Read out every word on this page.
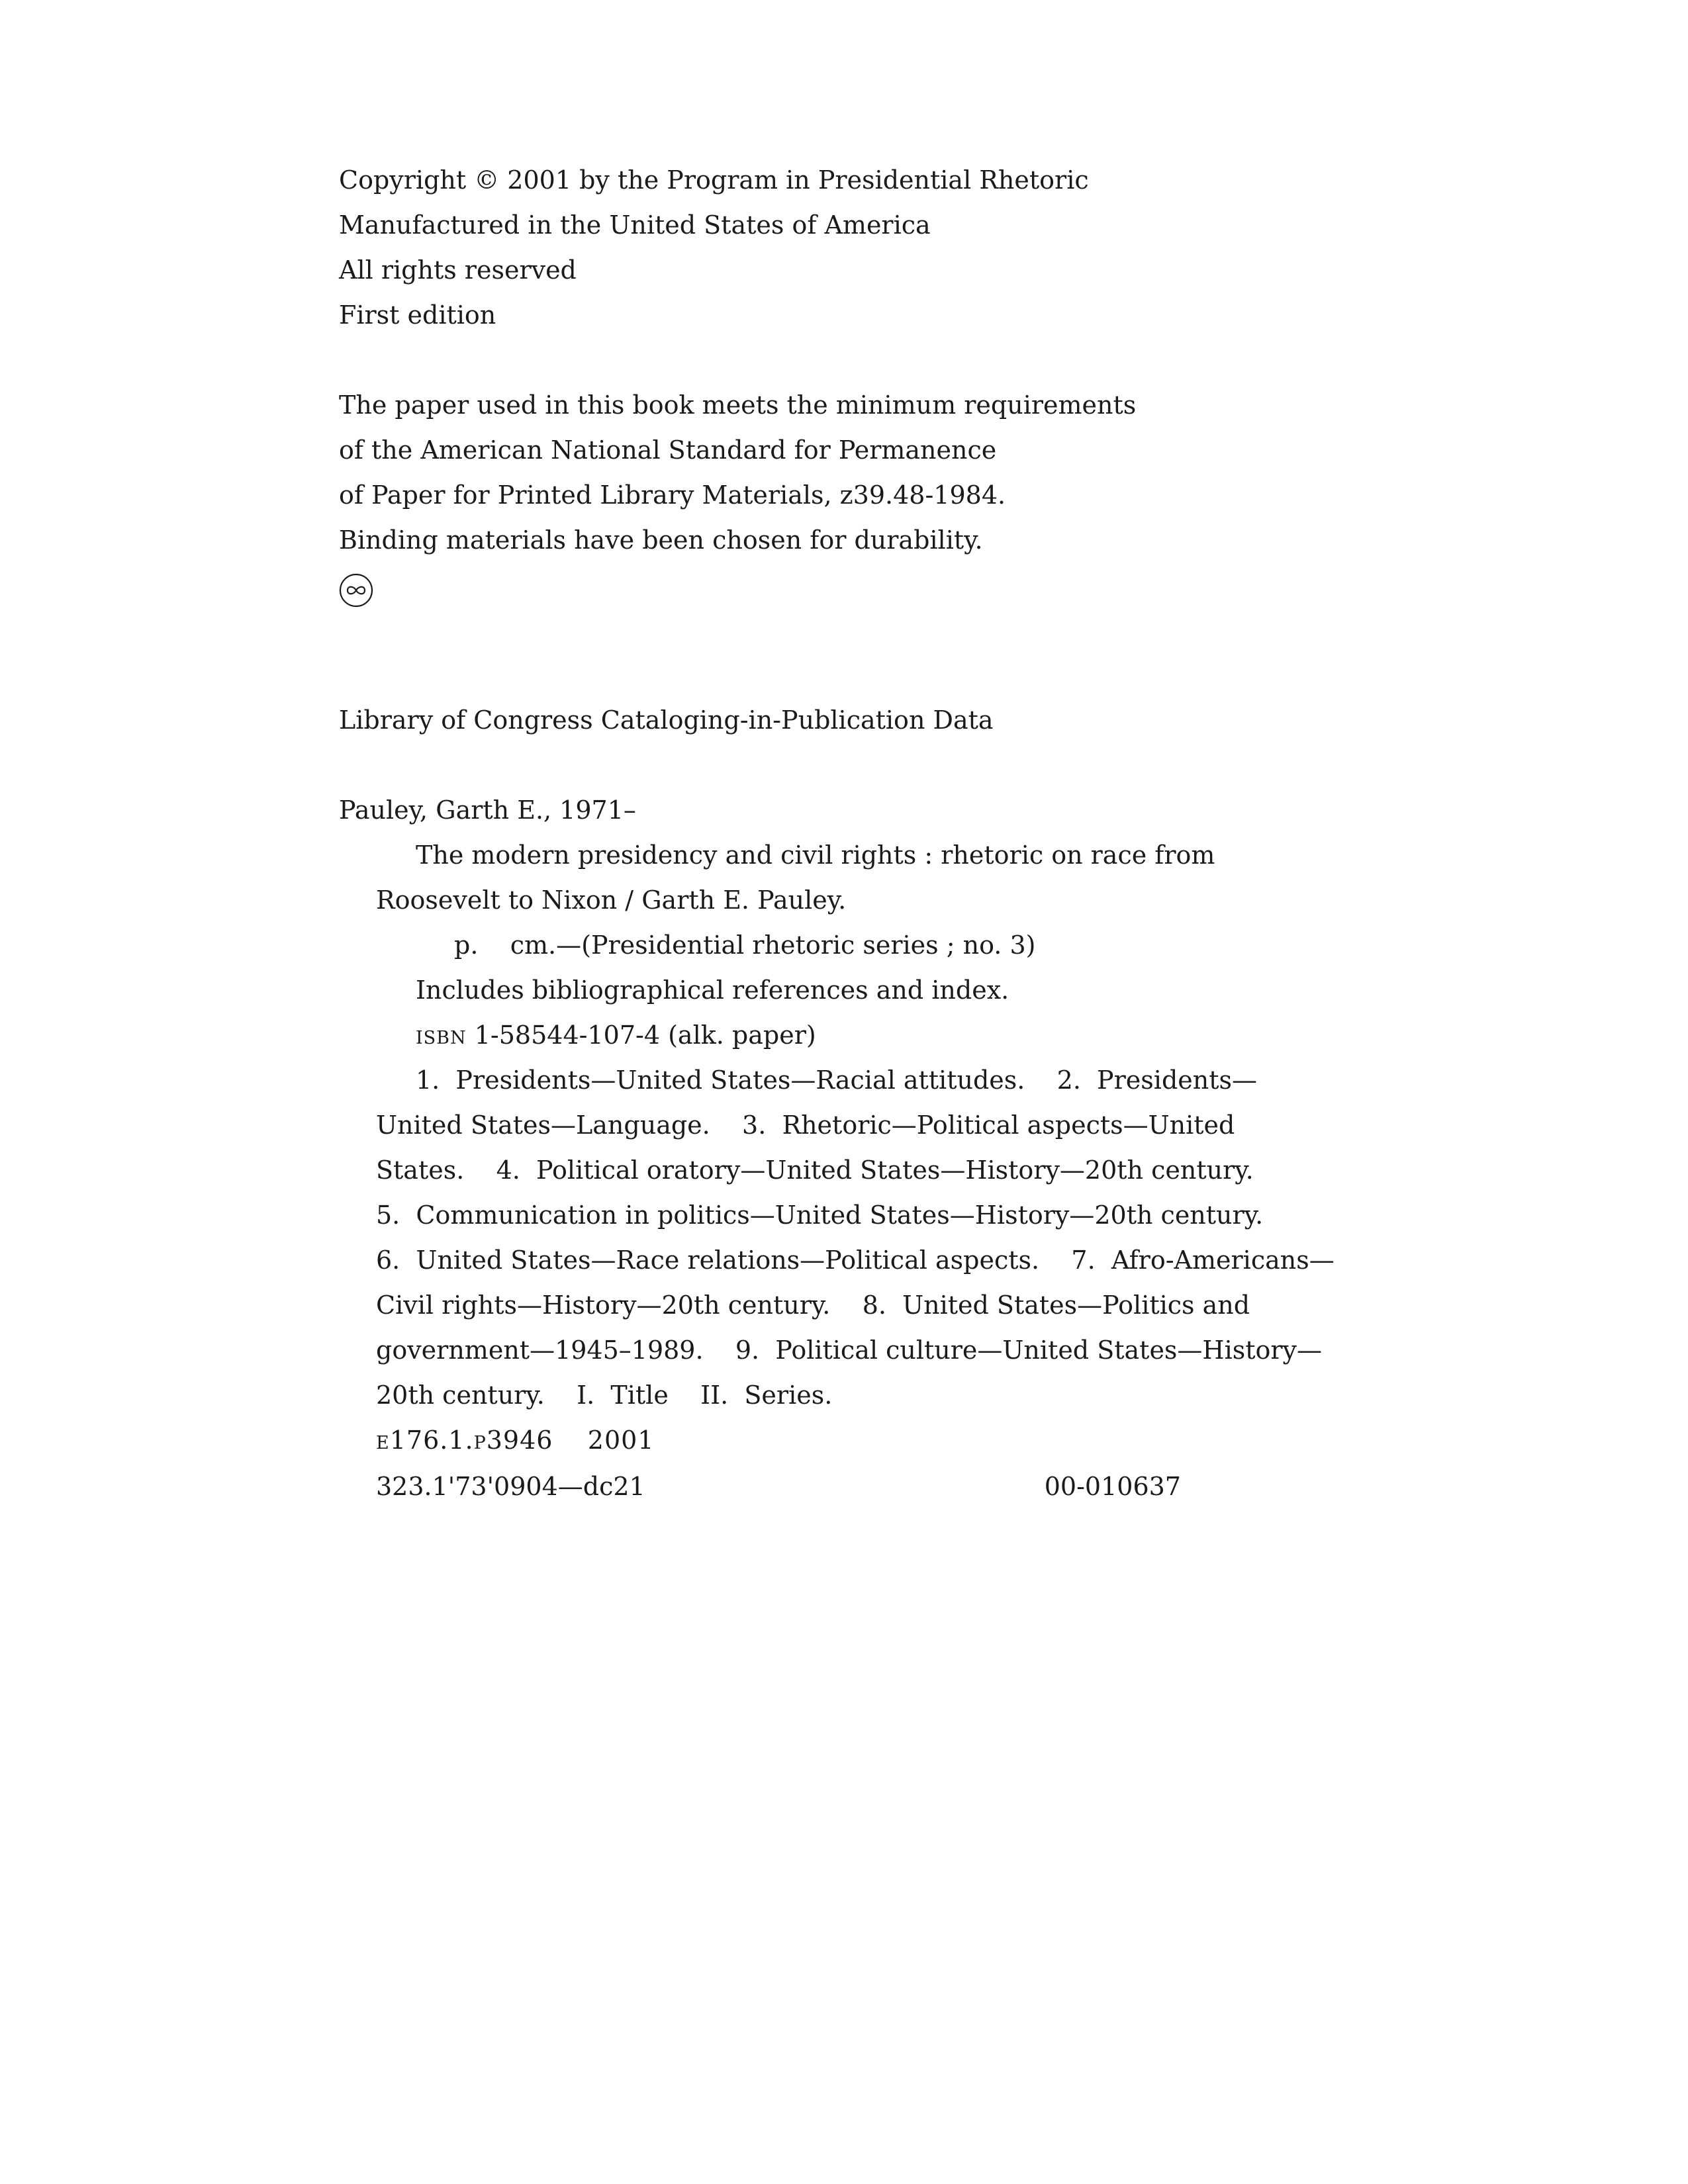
Copyright © 2001 by the Program in Presidential Rhetoric
Manufactured in the United States of America
All rights reserved
First edition
The paper used in this book meets the minimum requirements
of the American National Standard for Permanence
of Paper for Printed Library Materials, z39.48-1984.
Binding materials have been chosen for durability.
Library of Congress Cataloging-in-Publication Data
Pauley, Garth E., 1971–
The modern presidency and civil rights : rhetoric on race from
Roosevelt to Nixon / Garth E. Pauley.
p.    cm.—(Presidential rhetoric series ; no. 3)
Includes bibliographical references and index.
isbn 1-58544-107-4 (alk. paper)
1.  Presidents—United States—Racial attitudes.    2.  Presidents—
United States—Language.    3.  Rhetoric—Political aspects—United
States.    4.  Political oratory—United States—History—20th century.
5.  Communication in politics—United States—History—20th century.
6.  United States—Race relations—Political aspects.    7.  Afro-Americans—
Civil rights—History—20th century.    8.  United States—Politics and
government—1945–1989.    9.  Political culture—United States—History—
20th century.    I.  Title    II.  Series.
e176.1.p3946    2001
323.1'73'0904—dc21	00-010637
